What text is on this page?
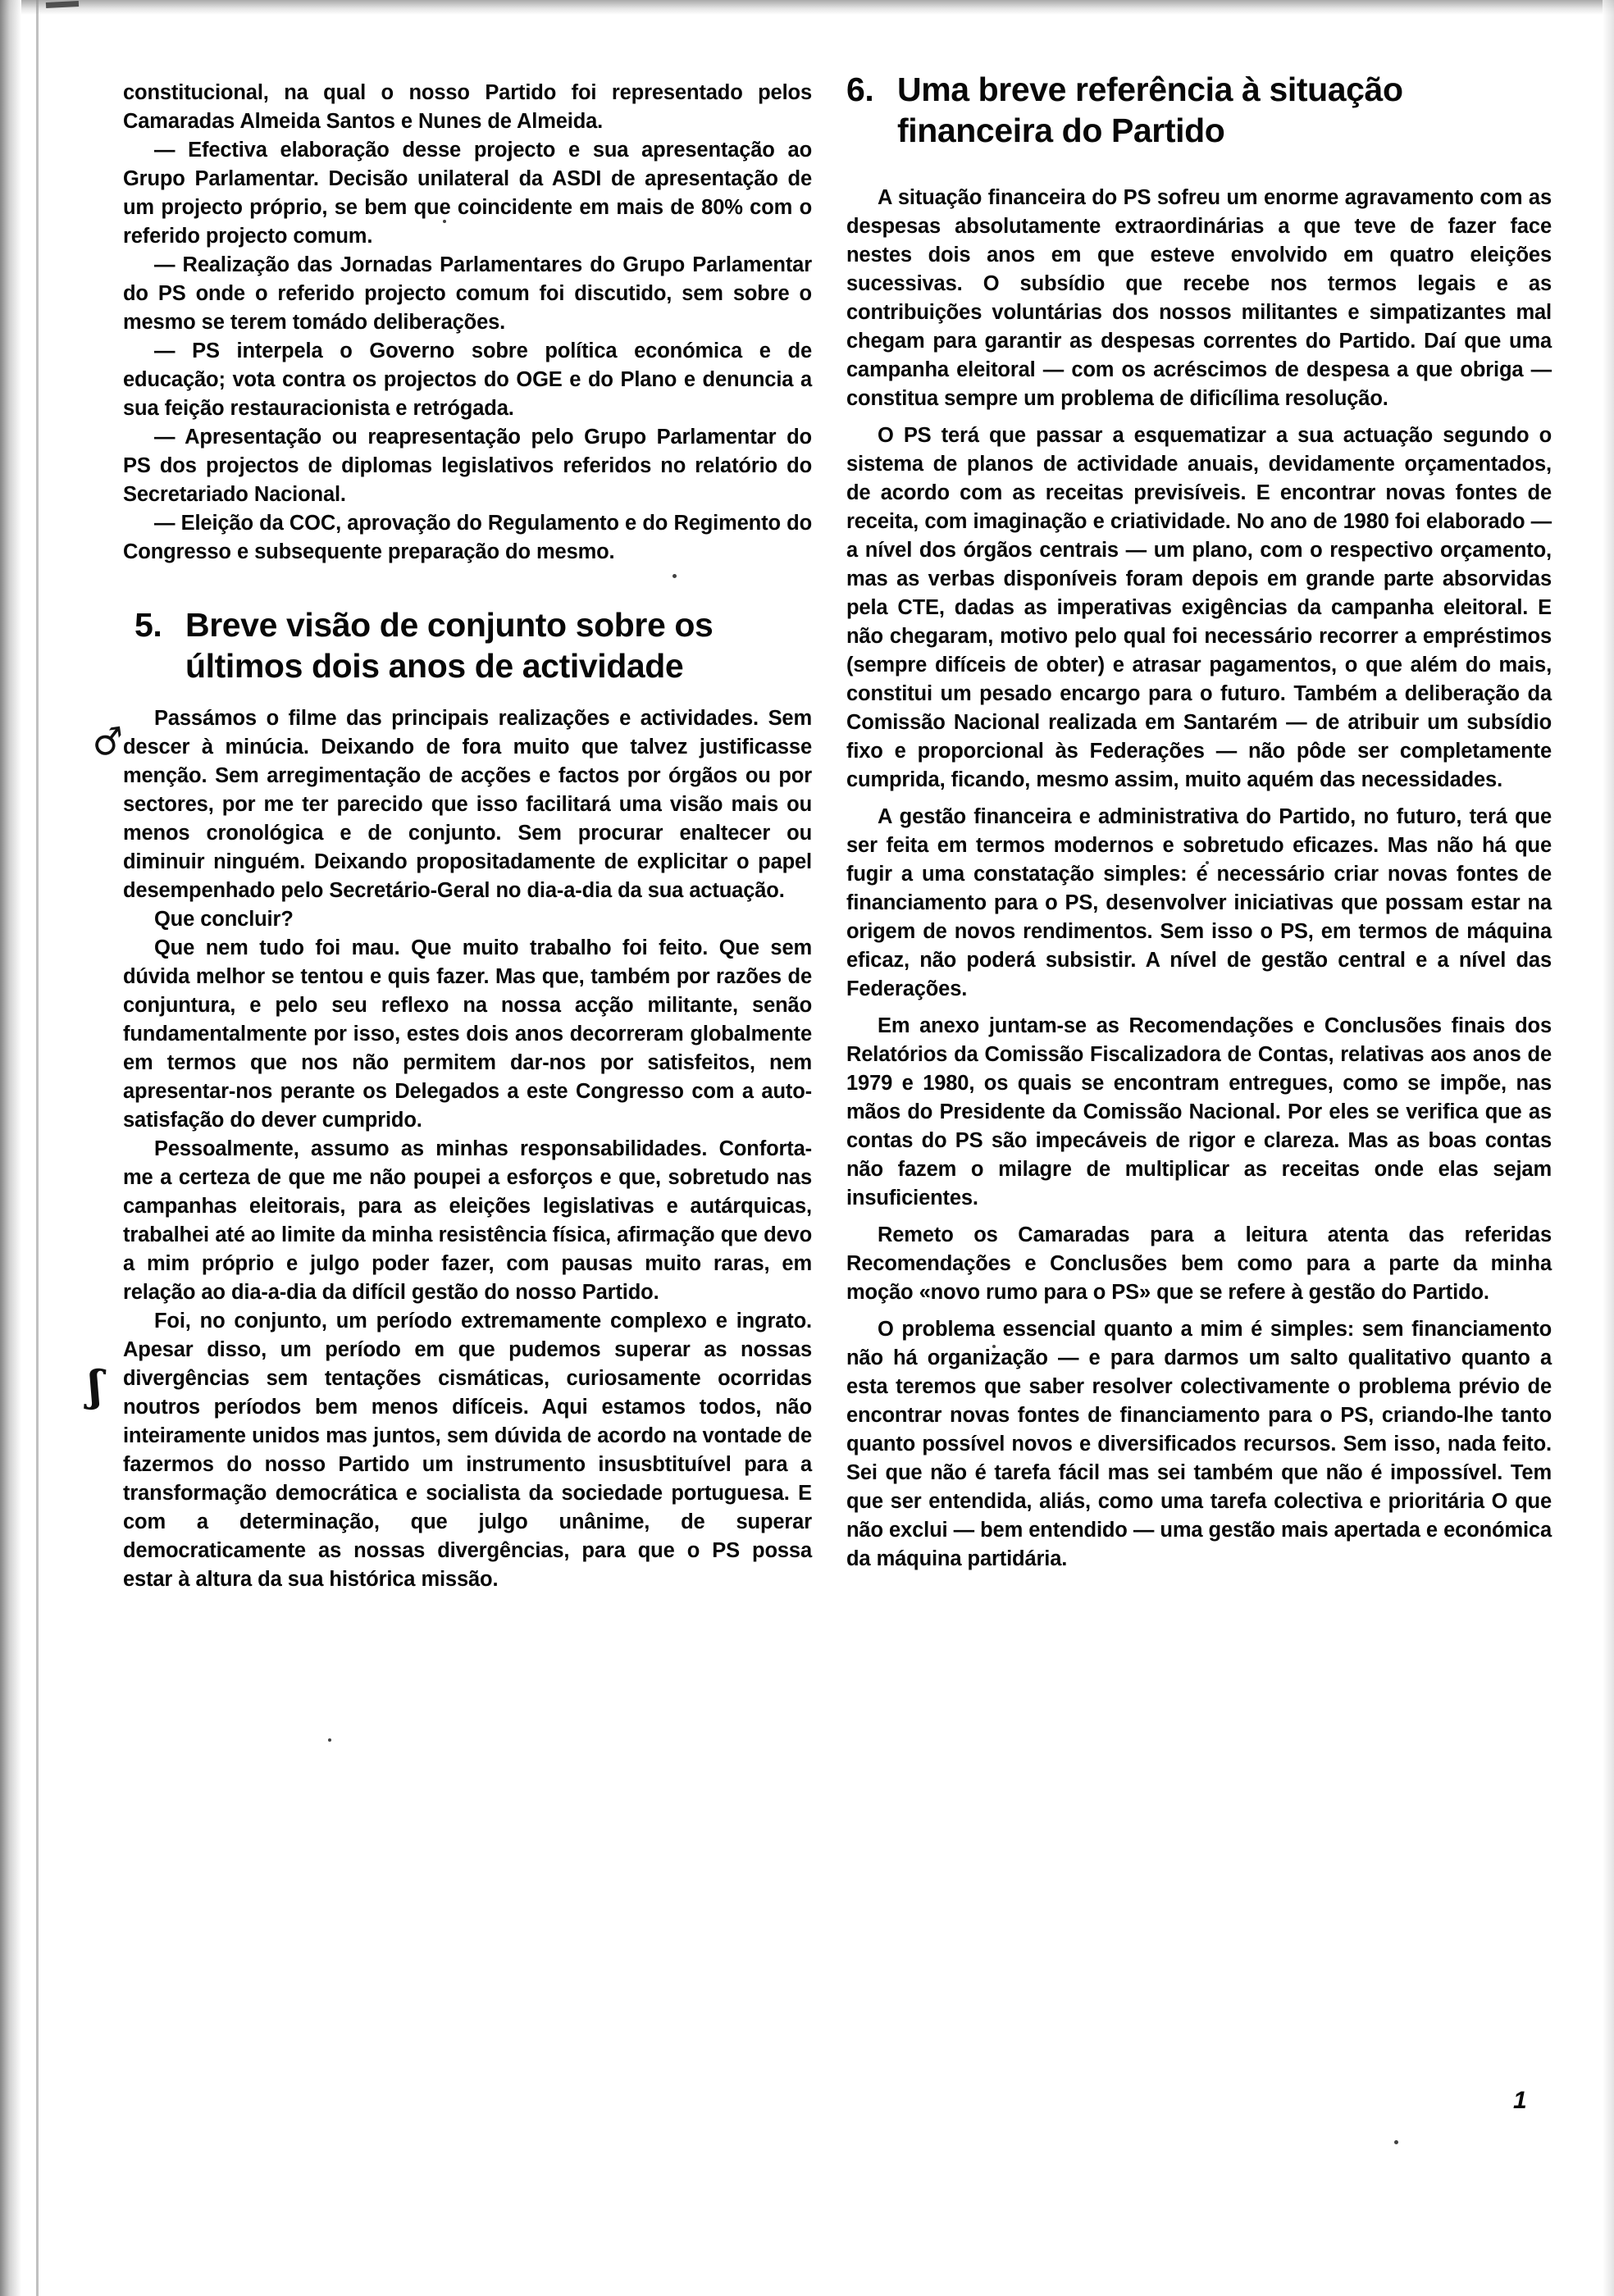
♂
ʃ

constitucional, na qual o nosso Partido foi representado pelos Camaradas Almeida Santos e Nunes de Almeida.

— Efectiva elaboração desse projecto e sua apresentação ao Grupo Parlamentar. Decisão unilateral da ASDI de apresentação de um projecto próprio, se bem que coincidente em mais de 80% com o referido projecto comum.

— Realização das Jornadas Parlamentares do Grupo Parlamentar do PS onde o referido projecto comum foi discutido, sem sobre o mesmo se terem tomádo deliberações.

— PS interpela o Governo sobre política económica e de educação; vota contra os projectos do OGE e do Plano e denuncia a sua feição restauracionista e retrógada.

— Apresentação ou reapresentação pelo Grupo Parlamentar do PS dos projectos de diplomas legislativos referidos no relatório do Secretariado Nacional.

— Eleição da COC, aprovação do Regulamento e do Regimento do Congresso e subsequente preparação do mesmo.

5. Breve visão de conjunto sobre os últimos dois anos de actividade

Passámos o filme das principais realizações e actividades. Sem descer à minúcia. Deixando de fora muito que talvez justificasse menção. Sem arregimentação de acções e factos por órgãos ou por sectores, por me ter parecido que isso facilitará uma visão mais ou menos cronológica e de conjunto. Sem procurar enaltecer ou diminuir ninguém. Deixando propositadamente de explicitar o papel desempenhado pelo Secretário-Geral no dia-a-dia da sua actuação.

Que concluir?

Que nem tudo foi mau. Que muito trabalho foi feito. Que sem dúvida melhor se tentou e quis fazer. Mas que, também por razões de conjuntura, e pelo seu reflexo na nossa acção militante, senão fundamentalmente por isso, estes dois anos decorreram globalmente em termos que nos não permitem dar-nos por satisfeitos, nem apresentar-nos perante os Delegados a este Congresso com a auto-satisfação do dever cumprido.

Pessoalmente, assumo as minhas responsabilidades. Conforta-me a certeza de que me não poupei a esforços e que, sobretudo nas campanhas eleitorais, para as eleições legislativas e autárquicas, trabalhei até ao limite da minha resistência física, afirmação que devo a mim próprio e julgo poder fazer, com pausas muito raras, em relação ao dia-a-dia da difícil gestão do nosso Partido.

Foi, no conjunto, um período extremamente complexo e ingrato. Apesar disso, um período em que pudemos superar as nossas divergências sem tentações cismáticas, curiosamente ocorridas noutros períodos bem menos difíceis. Aqui estamos todos, não inteiramente unidos mas juntos, sem dúvida de acordo na vontade de fazermos do nosso Partido um instrumento insusbtituível para a transformação democrática e socialista da sociedade portuguesa. E com a determinação, que julgo unânime, de superar democraticamente as nossas divergências, para que o PS possa estar à altura da sua histórica missão.

6. Uma breve referência à situação financeira do Partido

A situação financeira do PS sofreu um enorme agravamento com as despesas absolutamente extraordinárias a que teve de fazer face nestes dois anos em que esteve envolvido em quatro eleições sucessivas. O subsídio que recebe nos termos legais e as contribuições voluntárias dos nossos militantes e simpatizantes mal chegam para garantir as despesas correntes do Partido. Daí que uma campanha eleitoral — com os acréscimos de despesa a que obriga — constitua sempre um problema de dificílima resolução.

O PS terá que passar a esquematizar a sua actuação segundo o sistema de planos de actividade anuais, devidamente orçamentados, de acordo com as receitas previsíveis. E encontrar novas fontes de receita, com imaginação e criatividade. No ano de 1980 foi elaborado — a nível dos órgãos centrais — um plano, com o respectivo orçamento, mas as verbas disponíveis foram depois em grande parte absorvidas pela CTE, dadas as imperativas exigências da campanha eleitoral. E não chegaram, motivo pelo qual foi necessário recorrer a empréstimos (sempre difíceis de obter) e atrasar pagamentos, o que além do mais, constitui um pesado encargo para o futuro. Também a deliberação da Comissão Nacional realizada em Santarém — de atribuir um subsídio fixo e proporcional às Federações — não pôde ser completamente cumprida, ficando, mesmo assim, muito aquém das necessidades.

A gestão financeira e administrativa do Partido, no futuro, terá que ser feita em termos modernos e sobretudo eficazes. Mas não há que fugir a uma constatação simples: é necessário criar novas fontes de financiamento para o PS, desenvolver iniciativas que possam estar na origem de novos rendimentos. Sem isso o PS, em termos de máquina eficaz, não poderá subsistir. A nível de gestão central e a nível das Federações.

Em anexo juntam-se as Recomendações e Conclusões finais dos Relatórios da Comissão Fiscalizadora de Contas, relativas aos anos de 1979 e 1980, os quais se encontram entregues, como se impõe, nas mãos do Presidente da Comissão Nacional. Por eles se verifica que as contas do PS são impecáveis de rigor e clareza. Mas as boas contas não fazem o milagre de multiplicar as receitas onde elas sejam insuficientes.

Remeto os Camaradas para a leitura atenta das referidas Recomendações e Conclusões bem como para a parte da minha moção «novo rumo para o PS» que se refere à gestão do Partido.

O problema essencial quanto a mim é simples: sem financiamento não há organização — e para darmos um salto qualitativo quanto a esta teremos que saber resolver colectivamente o problema prévio de encontrar novas fontes de financiamento para o PS, criando-lhe tanto quanto possível novos e diversificados recursos. Sem isso, nada feito. Sei que não é tarefa fácil mas sei também que não é impossível. Tem que ser entendida, aliás, como uma tarefa colectiva e prioritária O que não exclui — bem entendido — uma gestão mais apertada e económica da máquina partidária.

1
